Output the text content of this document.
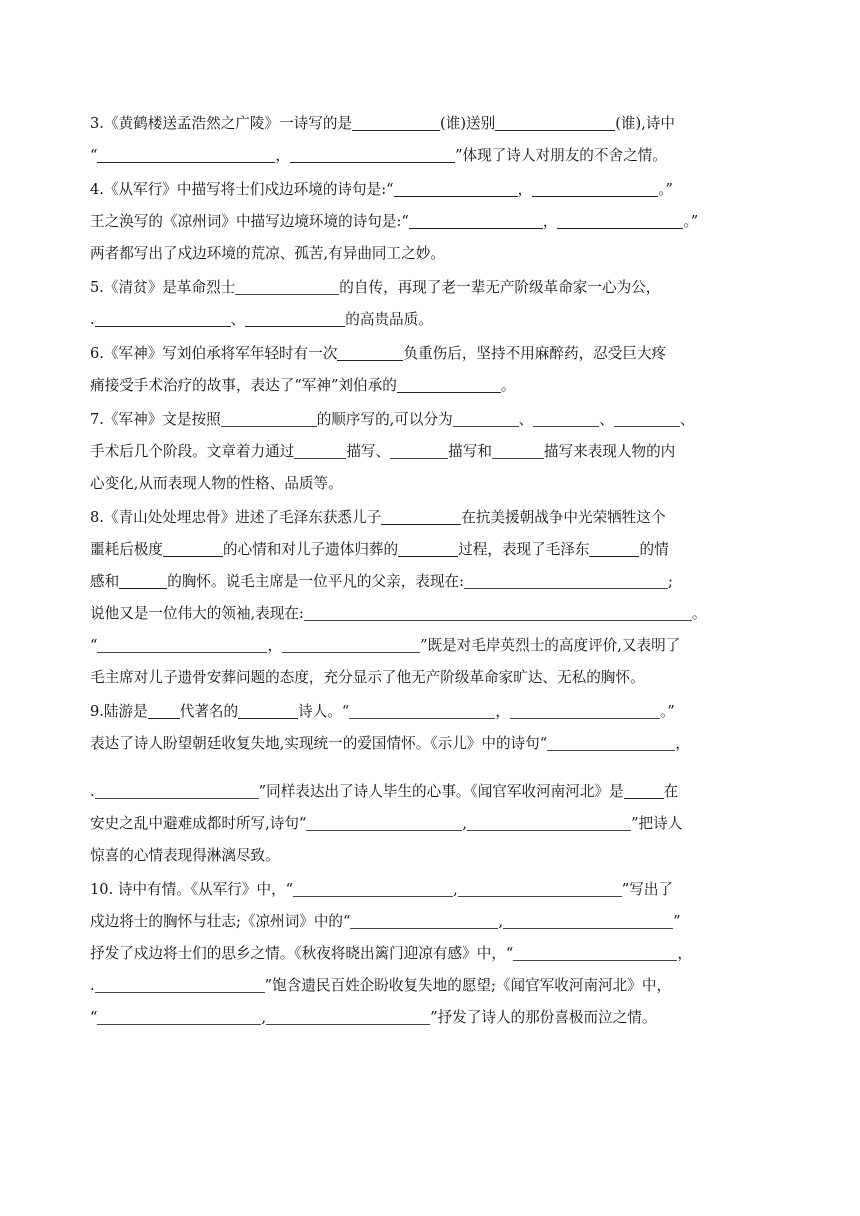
3.《黄鹤楼送孟浩然之广陵》一诗写的是	(谁)送别	(谁),诗中
“	，	”体现了诗人对朋友的不舍之情。
4.《从军行》中描写将士们戍边环境的诗句是:“	，	。”
王之涣写的《凉州词》中描写边境环境的诗句是:“	，	。”
两者都写出了戍边环境的荒凉、孤苦,有异曲同工之妙。
5.《清贫》是革命烈士	的自传，再现了老一辈无产阶级革命家一心为公，
.	、	的高贵品质。
6.《军神》写刘伯承将军年轻时有一次	负重伤后，坚持不用麻醉药，忍受巨大疼
痛接受手术治疗的故事，表达了“军神”刘伯承的	。
7.《军神》文是按照	的顺序写的,可以分为	、	、	、
手术后几个阶段。文章着力通过	描写、	描写和	描写来表现人物的内
心变化,从而表现人物的性格、品质等。
8.《青山处处埋忠骨》进述了毛泽东获悉儿子	在抗美援朝战争中光荣牺牲这个
噩耗后极度	的心情和对儿子遗体归葬的	过程，表现了毛泽东	的情
感和	的胸怀。说毛主席是一位平凡的父亲，表现在:	;
说他又是一位伟大的领袖,表现在:	。
“	，	”既是对毛岸英烈士的高度评价,又表明了
毛主席对儿子遗骨安葬问题的态度，充分显示了他无产阶级革命家旷达、无私的胸怀。
9.陆游是 代著名的	诗人。“	，	。”
表达了诗人盼望朝廷收复失地,实现统一的爱国情怀。《示儿》中的诗句“	，
.	”同样表达出了诗人毕生的心事。《闻官军收河南河北》是	在
安史之乱中避难成都时所写,诗句“	,	”把诗人
惊喜的心情表现得淋漓尽致。
10. 诗中有情。《从军行》中，“	,	”写出了
戍边将士的胸怀与壮志;《凉州词》中的“	,	”
抒发了戍边将士们的思乡之情。《秋夜将晓出篱门迎凉有感》中，“	，
.	”饱含遗民百姓企盼收复失地的愿望;《闻官军收河南河北》中，
“	,	”抒发了诗人的那份喜极而泣之情。
